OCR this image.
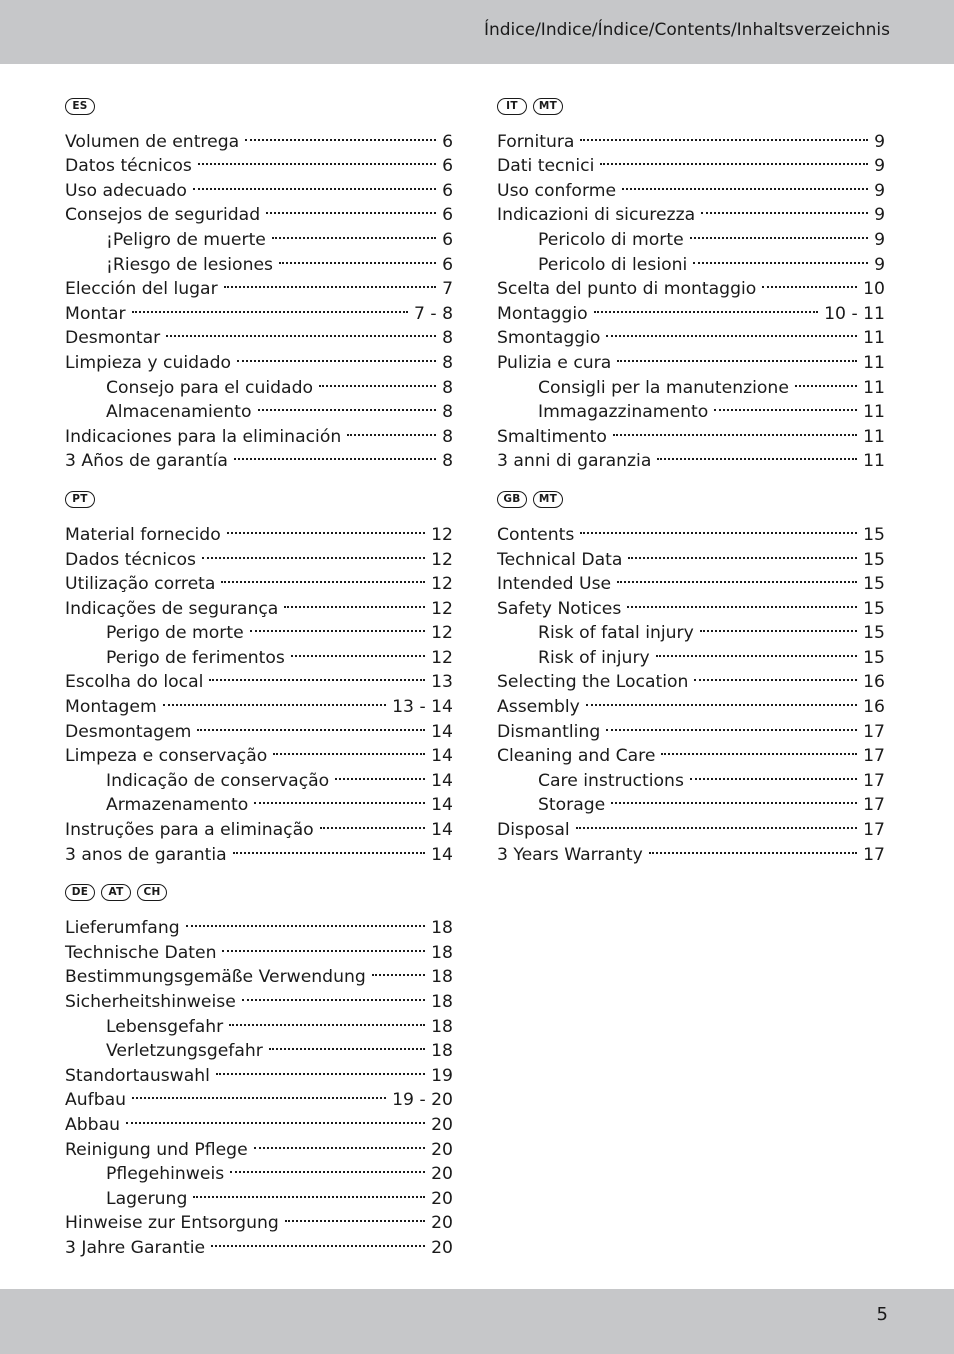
Índice/Indice/Índice/Contents/Inhaltsverzeichnis
ES
Volumen de entrega	6
Datos técnicos	6
Uso adecuado	6
Consejos de seguridad	6
¡Peligro de muerte	6
¡Riesgo de lesiones	6
Elección del lugar	7
Montar	7 - 8
Desmontar	8
Limpieza y cuidado	8
Consejo para el cuidado	8
Almacenamiento	8
Indicaciones para la eliminación	8
3 Años de garantía	8
PT
Material fornecido	12
Dados técnicos	12
Utilização correta	12
Indicações de segurança	12
Perigo de morte	12
Perigo de ferimentos	12
Escolha do local	13
Montagem	13 - 14
Desmontagem	14
Limpeza e conservação	14
Indicação de conservação	14
Armazenamento	14
Instruções para a eliminação	14
3 anos de garantia	14
DE	AT	CH
Lieferumfang	18
Technische Daten	18
Bestimmungsgemäße Verwendung	18
Sicherheitshinweise	18
Lebensgefahr	18
Verletzungsgefahr	18
Standortauswahl	19
Aufbau	19 - 20
Abbau	20
Reinigung und Pflege	20
Pflegehinweis	20
Lagerung	20
Hinweise zur Entsorgung	20
3 Jahre Garantie	20
IT	MT
Fornitura	9
Dati tecnici	9
Uso conforme	9
Indicazioni di sicurezza	9
Pericolo di morte	9
Pericolo di lesioni	9
Scelta del punto di montaggio	10
Montaggio	10 - 11
Smontaggio	11
Pulizia e cura	11
Consigli per la manutenzione	11
Immagazzinamento	11
Smaltimento	11
3 anni di garanzia	11
GB	MT
Contents	15
Technical Data	15
Intended Use	15
Safety Notices	15
Risk of fatal injury	15
Risk of injury	15
Selecting the Location	16
Assembly	16
Dismantling	17
Cleaning and Care	17
Care instructions	17
Storage	17
Disposal	17
3 Years Warranty	17
5
